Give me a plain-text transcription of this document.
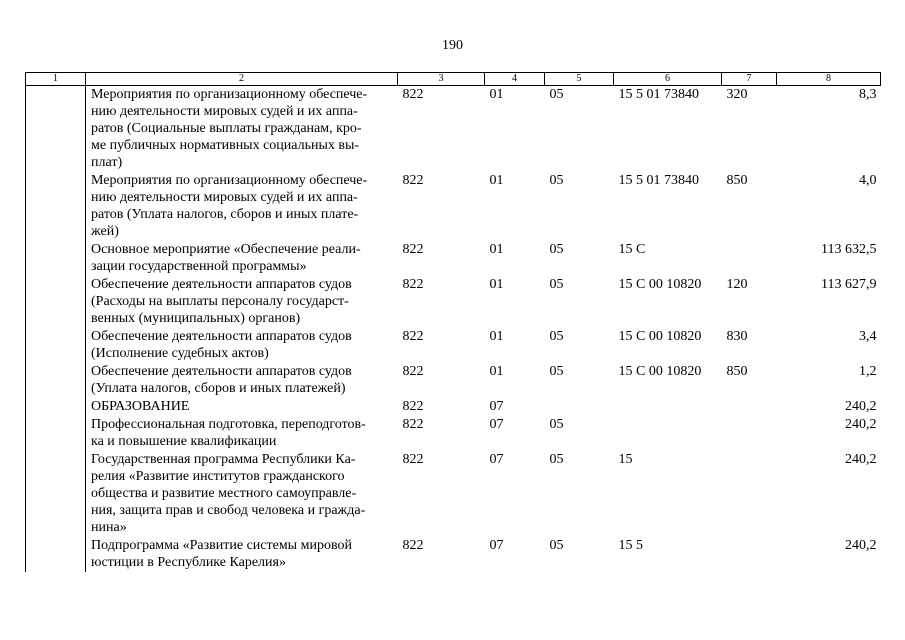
190
1	2	3	4	5	6	7	8

	Мероприятия по организационному обеспече-
нию деятельности мировых судей и их аппа-
ратов (Социальные выплаты гражданам, кро-
ме публичных нормативных социальных вы-
плат)	822	01	05	15 5 01 73840	320	8,3

	Мероприятия по организационному обеспече-
нию деятельности мировых судей и их аппа-
ратов (Уплата налогов, сборов и иных плате-
жей)	822	01	05	15 5 01 73840	850	4,0

	Основное мероприятие «Обеспечение реали-
зации государственной программы»	822	01	05	15 С		113 632,5

	Обеспечение деятельности аппаратов судов
(Расходы на выплаты персоналу государст-
венных (муниципальных) органов)	822	01	05	15 С 00 10820	120	113 627,9

	Обеспечение деятельности аппаратов судов
(Исполнение судебных актов)	822	01	05	15 С 00 10820	830	3,4

	Обеспечение деятельности аппаратов судов
(Уплата налогов, сборов и иных платежей)	822	01	05	15 С 00 10820	850	1,2

	ОБРАЗОВАНИЕ	822	07				240,2

	Профессиональная подготовка, переподготов-
ка и повышение квалификации	822	07	05			240,2

	Государственная программа Республики Ка-
релия «Развитие институтов гражданского
общества и развитие местного самоуправле-
ния, защита прав и свобод человека и гражда-
нина»	822	07	05	15		240,2

	Подпрограмма «Развитие системы мировой
юстиции в Республике Карелия»	822	07	05	15 5		240,2
